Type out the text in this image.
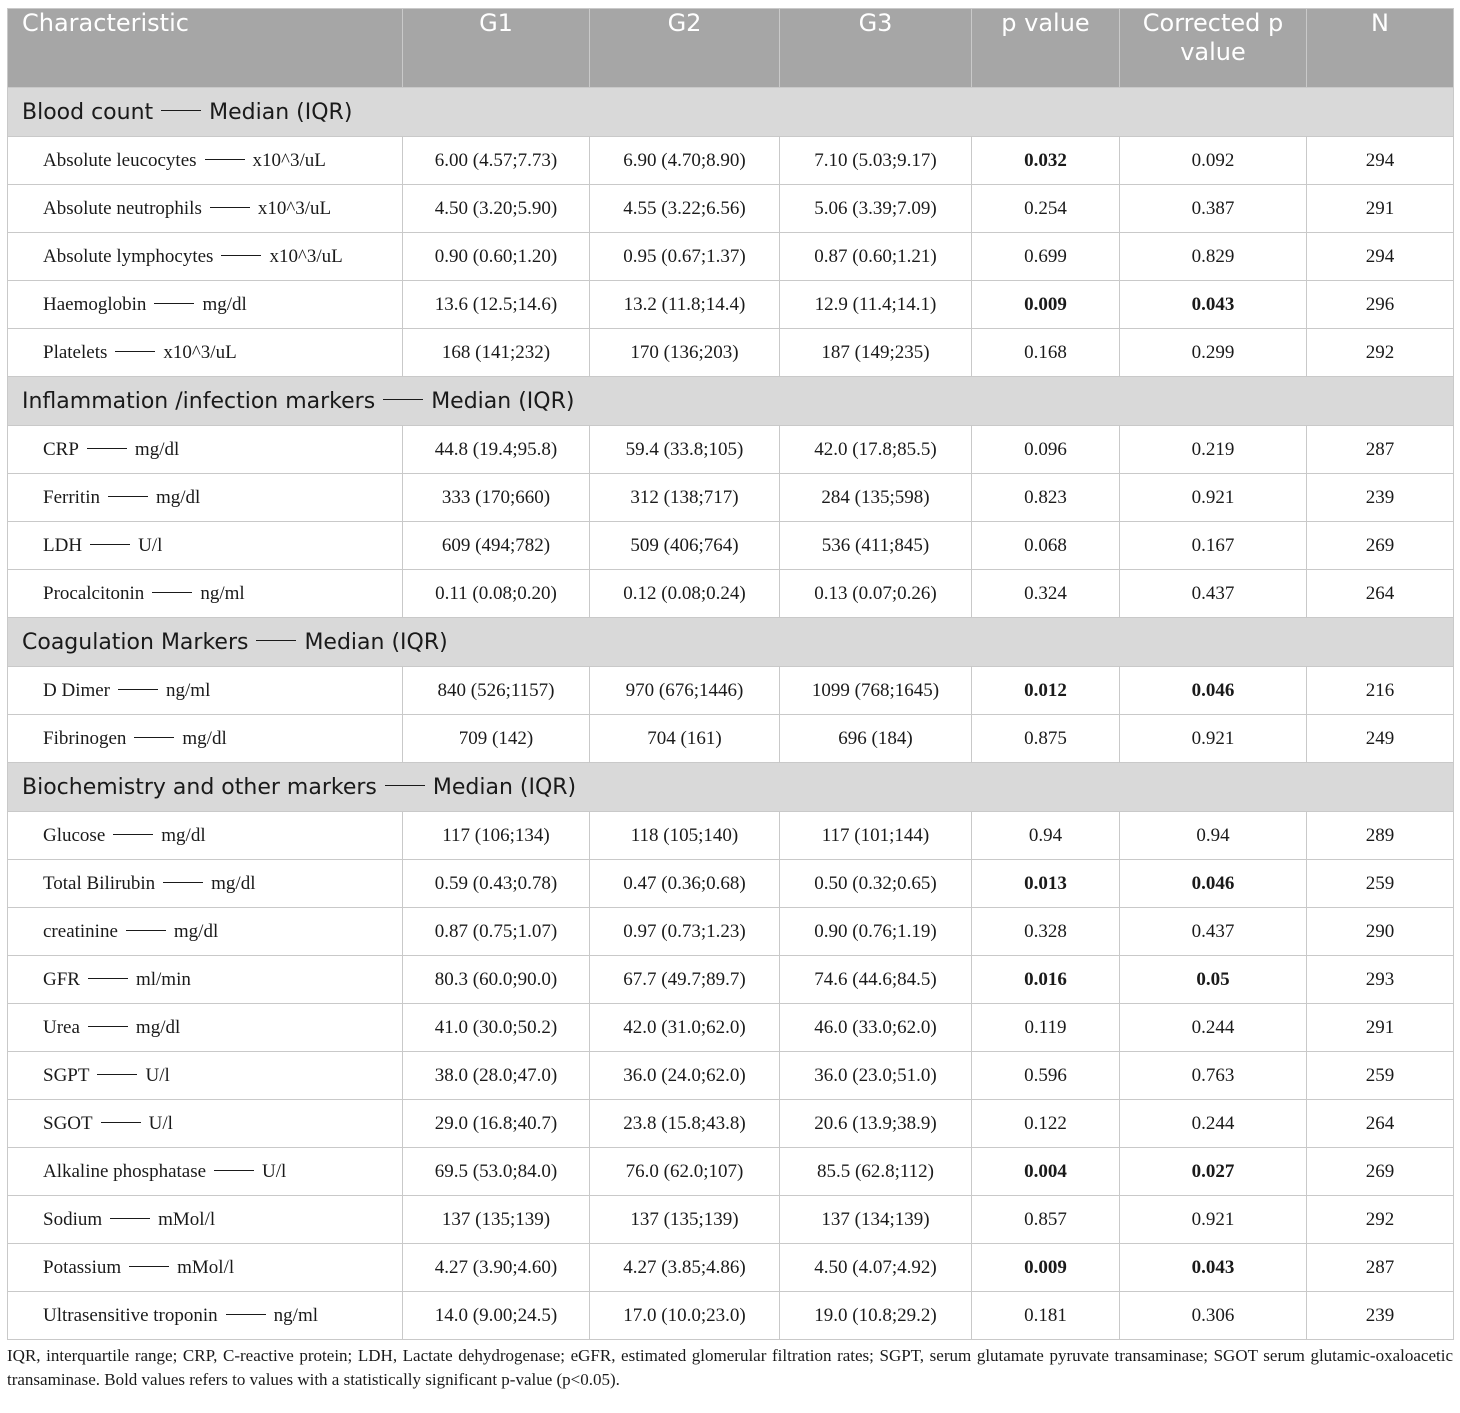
Characteristic	G1	G2	G3	p value	Corrected p value	N
Blood count Median (IQR)						
Absolute leucocytes x10^3/uL	6.00 (4.57;7.73)	6.90 (4.70;8.90)	7.10 (5.03;9.17)	0.032	0.092	294
Absolute neutrophils x10^3/uL	4.50 (3.20;5.90)	4.55 (3.22;6.56)	5.06 (3.39;7.09)	0.254	0.387	291
Absolute lymphocytes x10^3/uL	0.90 (0.60;1.20)	0.95 (0.67;1.37)	0.87 (0.60;1.21)	0.699	0.829	294
Haemoglobin mg/dl	13.6 (12.5;14.6)	13.2 (11.8;14.4)	12.9 (11.4;14.1)	0.009	0.043	296
Platelets x10^3/uL	168 (141;232)	170 (136;203)	187 (149;235)	0.168	0.299	292
Inflammation /infection markers Median (IQR)						
CRP mg/dl	44.8 (19.4;95.8)	59.4 (33.8;105)	42.0 (17.8;85.5)	0.096	0.219	287
Ferritin mg/dl	333 (170;660)	312 (138;717)	284 (135;598)	0.823	0.921	239
LDH U/l	609 (494;782)	509 (406;764)	536 (411;845)	0.068	0.167	269
Procalcitonin ng/ml	0.11 (0.08;0.20)	0.12 (0.08;0.24)	0.13 (0.07;0.26)	0.324	0.437	264
Coagulation Markers Median (IQR)						
D Dimer ng/ml	840 (526;1157)	970 (676;1446)	1099 (768;1645)	0.012	0.046	216
Fibrinogen mg/dl	709 (142)	704 (161)	696 (184)	0.875	0.921	249
Biochemistry and other markers Median (IQR)						
Glucose mg/dl	117 (106;134)	118 (105;140)	117 (101;144)	0.94	0.94	289
Total Bilirubin mg/dl	0.59 (0.43;0.78)	0.47 (0.36;0.68)	0.50 (0.32;0.65)	0.013	0.046	259
creatinine mg/dl	0.87 (0.75;1.07)	0.97 (0.73;1.23)	0.90 (0.76;1.19)	0.328	0.437	290
GFR ml/min	80.3 (60.0;90.0)	67.7 (49.7;89.7)	74.6 (44.6;84.5)	0.016	0.05	293
Urea mg/dl	41.0 (30.0;50.2)	42.0 (31.0;62.0)	46.0 (33.0;62.0)	0.119	0.244	291
SGPT U/l	38.0 (28.0;47.0)	36.0 (24.0;62.0)	36.0 (23.0;51.0)	0.596	0.763	259
SGOT U/l	29.0 (16.8;40.7)	23.8 (15.8;43.8)	20.6 (13.9;38.9)	0.122	0.244	264
Alkaline phosphatase U/l	69.5 (53.0;84.0)	76.0 (62.0;107)	85.5 (62.8;112)	0.004	0.027	269
Sodium mMol/l	137 (135;139)	137 (135;139)	137 (134;139)	0.857	0.921	292
Potassium mMol/l	4.27 (3.90;4.60)	4.27 (3.85;4.86)	4.50 (4.07;4.92)	0.009	0.043	287
Ultrasensitive troponin ng/ml	14.0 (9.00;24.5)	17.0 (10.0;23.0)	19.0 (10.8;29.2)	0.181	0.306	239
IQR, interquartile range; CRP, C-reactive protein; LDH, Lactate dehydrogenase; eGFR, estimated glomerular filtration rates; SGPT, serum glutamate pyruvate transaminase; SGOT serum glutamic-oxaloacetic transaminase. Bold values refers to values with a statistically significant p-value (p<0.05).
